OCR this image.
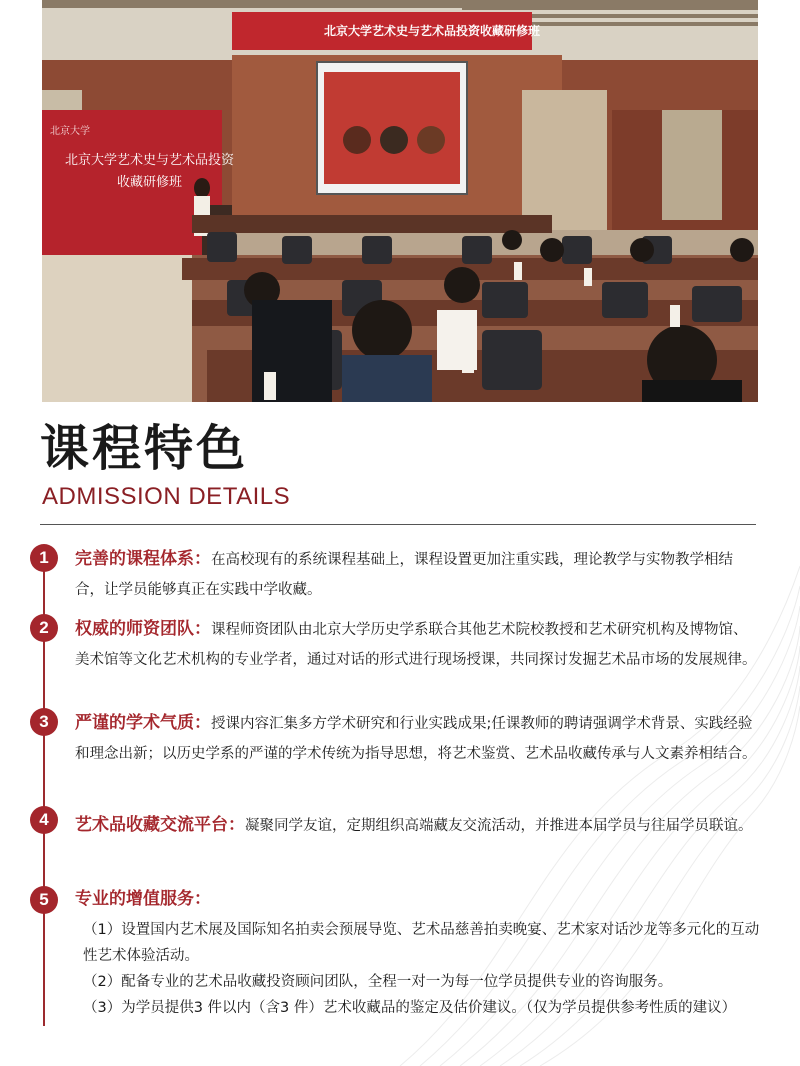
北京大学艺术史与艺术品投资收藏研修班
北京大学
北京大学艺术史与艺术品投资收藏研修班
课程特色
ADMISSION DETAILS
1	完善的课程体系：在高校现有的系统课程基础上，课程设置更加注重实践，理论教学与实物教学相结合，让学员能够真正在实践中学收藏。
2	权威的师资团队：课程师资团队由北京大学历史学系联合其他艺术院校教授和艺术研究机构及博物馆、美术馆等文化艺术机构的专业学者，通过对话的形式进行现场授课，共同探讨发掘艺术品市场的发展规律。
3	严谨的学术气质：授课内容汇集多方学术研究和行业实践成果;任课教师的聘请强调学术背景、实践经验和理念出新；以历史学系的严谨的学术传统为指导思想，将艺术鉴赏、艺术品收藏传承与人文素养相结合。
4	艺术品收藏交流平台：凝聚同学友谊，定期组织高端藏友交流活动，并推进本届学员与往届学员联谊。
5	专业的增值服务：
（1）设置国内艺术展及国际知名拍卖会预展导览、艺术品慈善拍卖晚宴、艺术家对话沙龙等多元化的互动性艺术体验活动。
（2）配备专业的艺术品收藏投资顾问团队，全程一对一为每一位学员提供专业的咨询服务。
（3）为学员提供3 件以内（含3 件）艺术收藏品的鉴定及估价建议。（仅为学员提供参考性质的建议）
